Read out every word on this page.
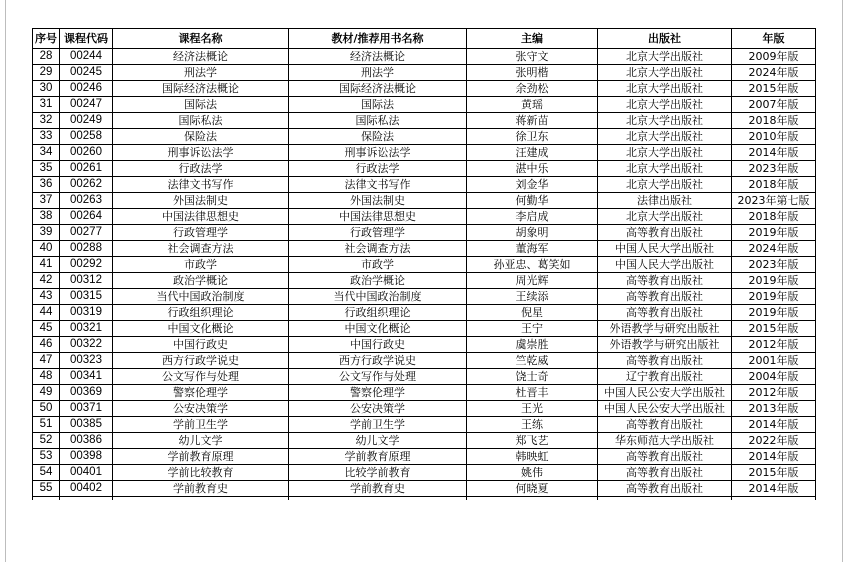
序号	课程代码	课程名称	教材/推荐用书名称	主编	出版社	年版
28	00244	经济法概论	经济法概论	张守文	北京大学出版社	2009年版
29	00245	刑法学	刑法学	张明楷	北京大学出版社	2024年版
30	00246	国际经济法概论	国际经济法概论	余劲松	北京大学出版社	2015年版
31	00247	国际法	国际法	黄瑶	北京大学出版社	2007年版
32	00249	国际私法	国际私法	蒋新苗	北京大学出版社	2018年版
33	00258	保险法	保险法	徐卫东	北京大学出版社	2010年版
34	00260	刑事诉讼法学	刑事诉讼法学	汪建成	北京大学出版社	2014年版
35	00261	行政法学	行政法学	湛中乐	北京大学出版社	2023年版
36	00262	法律文书写作	法律文书写作	刘金华	北京大学出版社	2018年版
37	00263	外国法制史	外国法制史	何勤华	法律出版社	2023年第七版
38	00264	中国法律思想史	中国法律思想史	李启成	北京大学出版社	2018年版
39	00277	行政管理学	行政管理学	胡象明	高等教育出版社	2019年版
40	00288	社会调查方法	社会调查方法	董海军	中国人民大学出版社	2024年版
41	00292	市政学	市政学	孙亚忠、葛笑如	中国人民大学出版社	2023年版
42	00312	政治学概论	政治学概论	周光辉	高等教育出版社	2019年版
43	00315	当代中国政治制度	当代中国政治制度	王续添	高等教育出版社	2019年版
44	00319	行政组织理论	行政组织理论	倪星	高等教育出版社	2019年版
45	00321	中国文化概论	中国文化概论	王宁	外语教学与研究出版社	2015年版
46	00322	中国行政史	中国行政史	虞崇胜	外语教学与研究出版社	2012年版
47	00323	西方行政学说史	西方行政学说史	竺乾威	高等教育出版社	2001年版
48	00341	公文写作与处理	公文写作与处理	饶士奇	辽宁教育出版社	2004年版
49	00369	警察伦理学	警察伦理学	杜晋丰	中国人民公安大学出版社	2012年版
50	00371	公安决策学	公安决策学	王光	中国人民公安大学出版社	2013年版
51	00385	学前卫生学	学前卫生学	王练	高等教育出版社	2014年版
52	00386	幼儿文学	幼儿文学	郑飞艺	华东师范大学出版社	2022年版
53	00398	学前教育原理	学前教育原理	韩映虹	高等教育出版社	2014年版
54	00401	学前比较教育	比较学前教育	姚伟	高等教育出版社	2015年版
55	00402	学前教育史	学前教育史	何晓夏	高等教育出版社	2014年版
